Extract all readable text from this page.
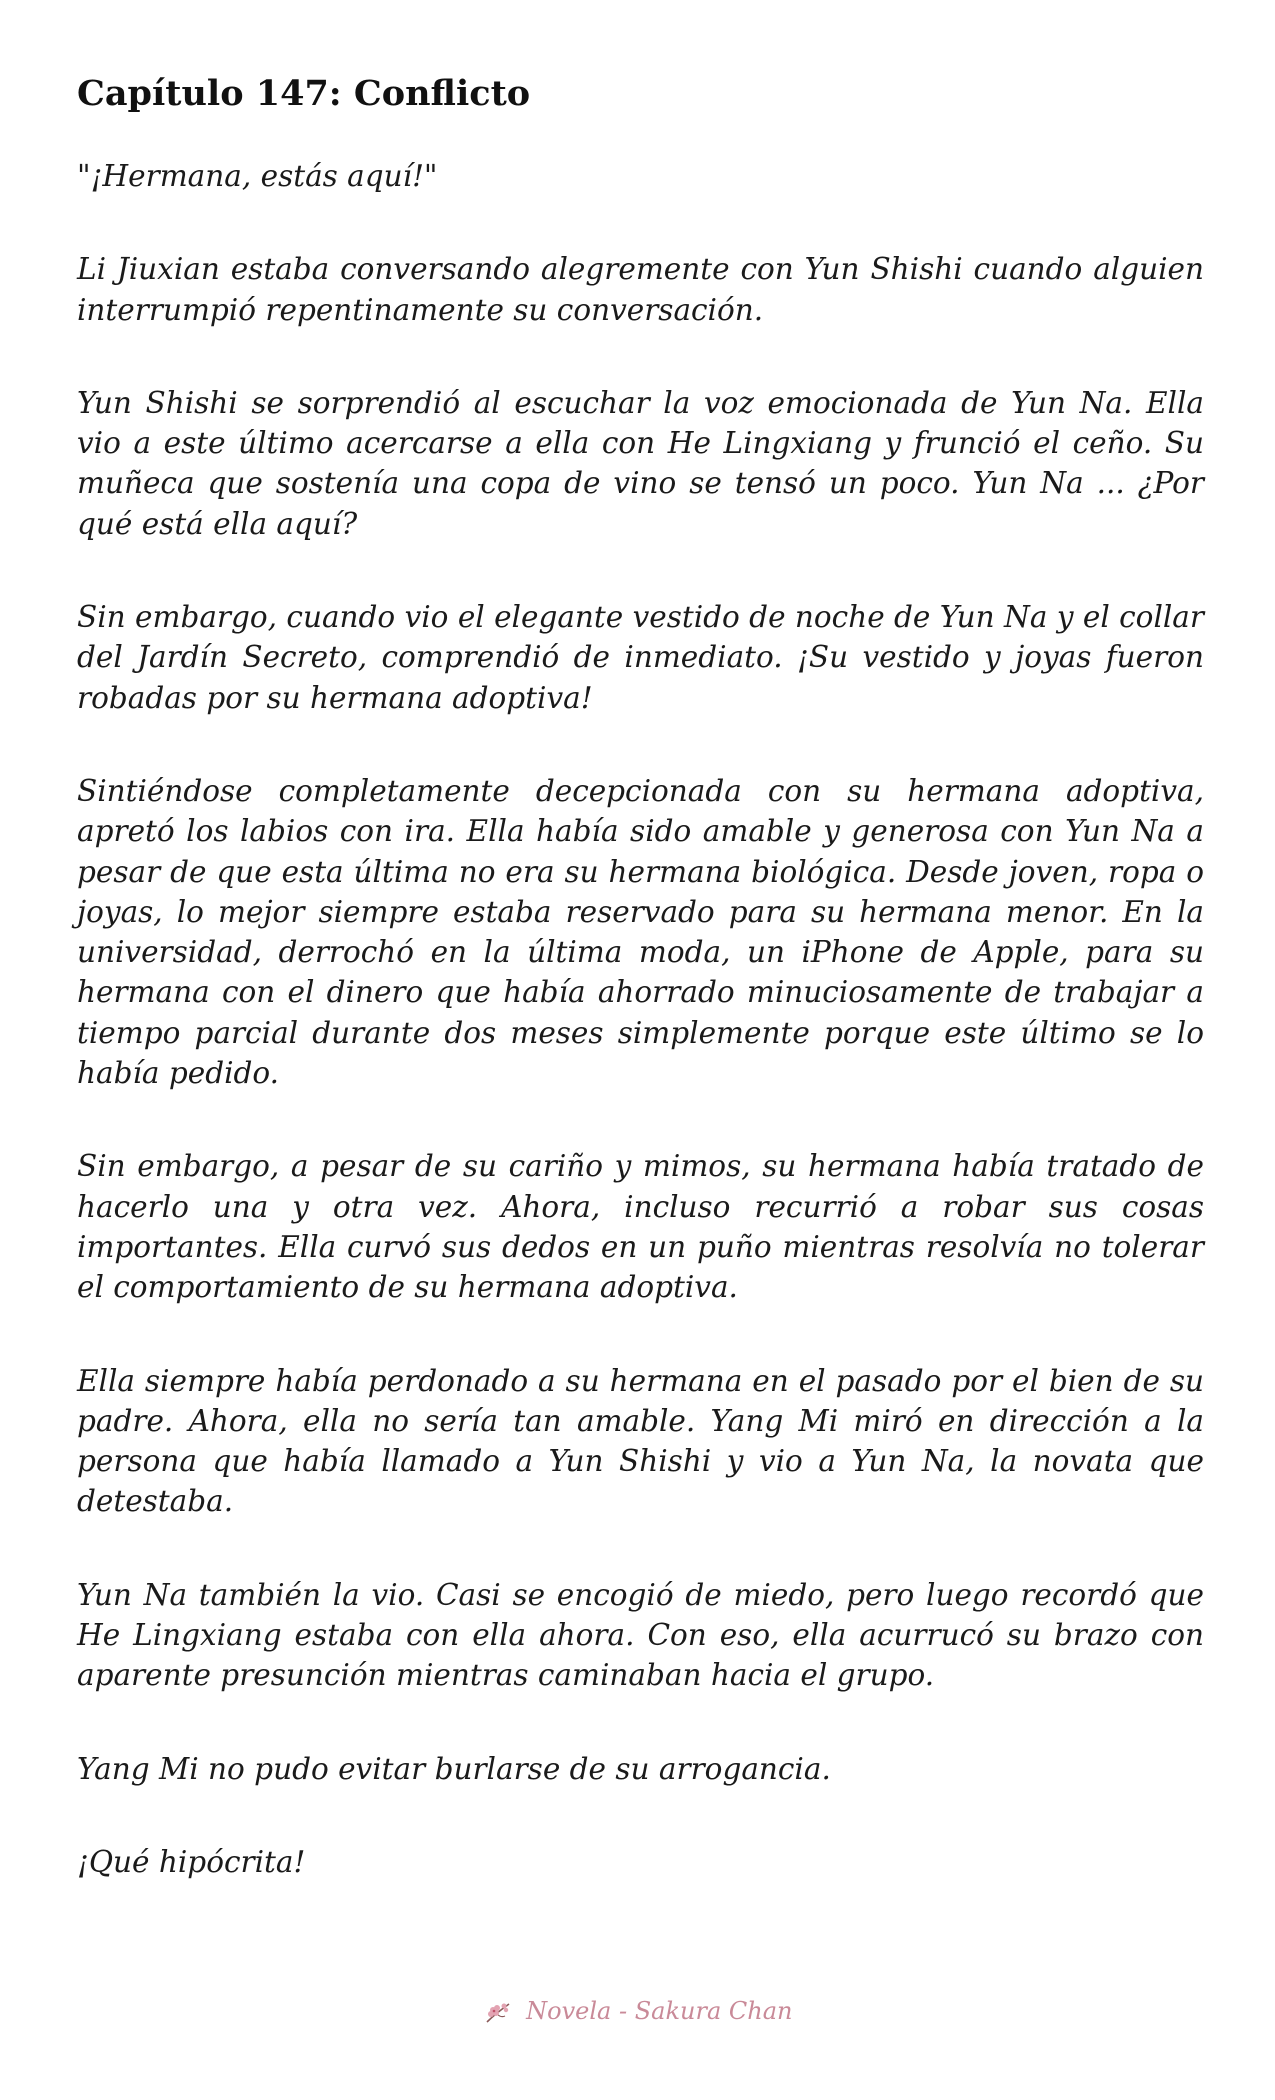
Capítulo 147: Conflicto

"¡Hermana, estás aquí!"

Li Jiuxian estaba conversando alegremente con Yun Shishi cuando alguien interrumpió repentinamente su conversación.

Yun Shishi se sorprendió al escuchar la voz emocionada de Yun Na. Ella vio a este último acercarse a ella con He Lingxiang y frunció el ceño. Su muñeca que sostenía una copa de vino se tensó un poco. Yun Na ... ¿Por qué está ella aquí?

Sin embargo, cuando vio el elegante vestido de noche de Yun Na y el collar del Jardín Secreto, comprendió de inmediato. ¡Su vestido y joyas fueron robadas por su hermana adoptiva!

Sintiéndose completamente decepcionada con su hermana adoptiva, apretó los labios con ira. Ella había sido amable y generosa con Yun Na a pesar de que esta última no era su hermana biológica. Desde joven, ropa o joyas, lo mejor siempre estaba reservado para su hermana menor. En la universidad, derrochó en la última moda, un iPhone de Apple, para su hermana con el dinero que había ahorrado minuciosamente de trabajar a tiempo parcial durante dos meses simplemente porque este último se lo había pedido.

Sin embargo, a pesar de su cariño y mimos, su hermana había tratado de hacerlo una y otra vez. Ahora, incluso recurrió a robar sus cosas importantes. Ella curvó sus dedos en un puño mientras resolvía no tolerar el comportamiento de su hermana adoptiva.

Ella siempre había perdonado a su hermana en el pasado por el bien de su padre. Ahora, ella no sería tan amable. Yang Mi miró en dirección a la persona que había llamado a Yun Shishi y vio a Yun Na, la novata que detestaba.

Yun Na también la vio. Casi se encogió de miedo, pero luego recordó que He Lingxiang estaba con ella ahora. Con eso, ella acurrucó su brazo con aparente presunción mientras caminaban hacia el grupo.

Yang Mi no pudo evitar burlarse de su arrogancia.

¡Qué hipócrita!

Novela - Sakura Chan
